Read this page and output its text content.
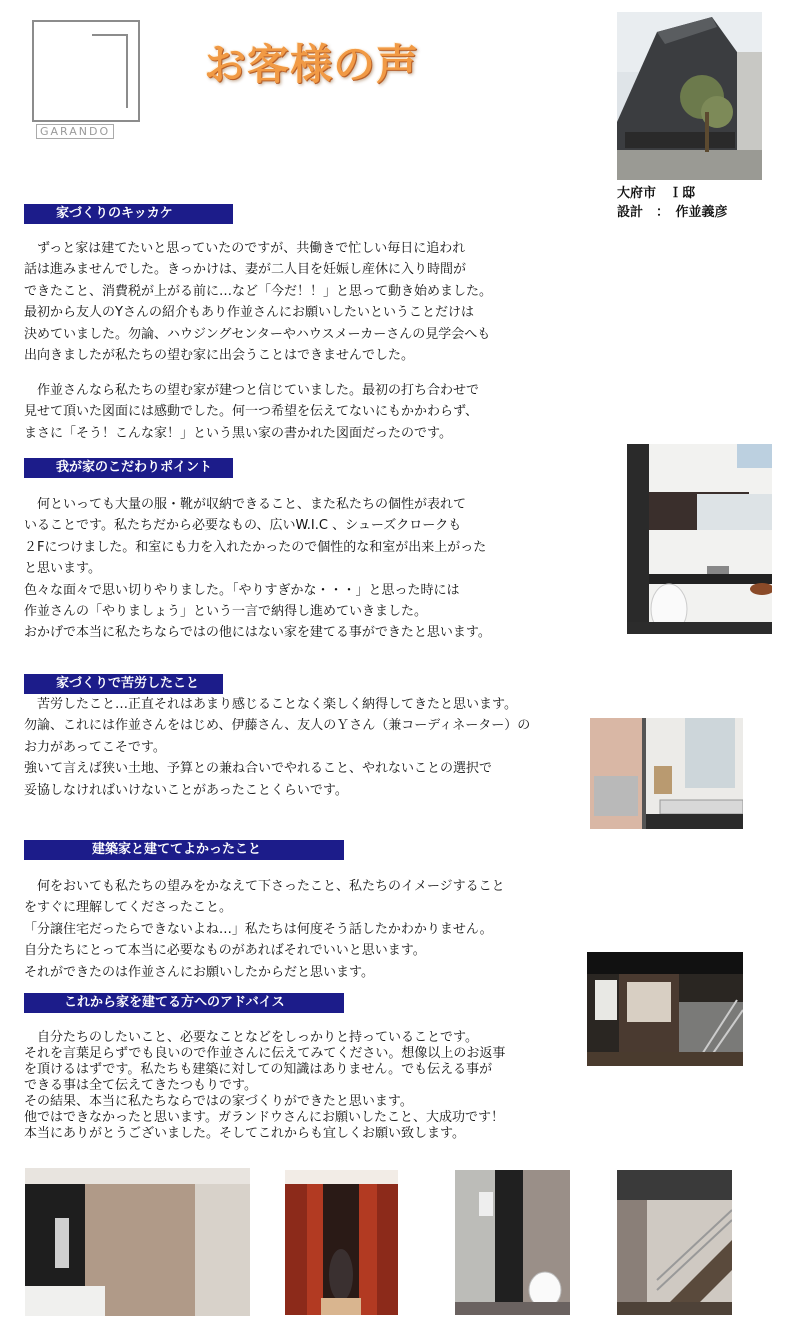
GARANDO
お客様の声
大府市　Ｉ邸
設計　：　作並義彦
家づくりのキッカケ
　ずっと家は建てたいと思っていたのですが、共働きで忙しい毎日に追われ
話は進みませんでした。きっかけは、妻が二人目を妊娠し産休に入り時間が
できたこと、消費税が上がる前に…など「今だ！！」と思って動き始めました。
最初から友人のYさんの紹介もあり作並さんにお願いしたいということだけは
決めていました。勿論、ハウジングセンターやハウスメーカーさんの見学会へも
出向きましたが私たちの望む家に出会うことはできませんでした。
　作並さんなら私たちの望む家が建つと信じていました。最初の打ち合わせで
見せて頂いた図面には感動でした。何一つ希望を伝えてないにもかかわらず、
まさに「そう！こんな家！」という黒い家の書かれた図面だったのです。
我が家のこだわりポイント
　何といっても大量の服・靴が収納できること、また私たちの個性が表れて
いることです。私たちだから必要なもの、広いW.I.C 、シューズクロークも
２Fにつけました。和室にも力を入れたかったので個性的な和室が出来上がった
と思います。
色々な面々で思い切りやりました。「やりすぎかな・・・」と思った時には
作並さんの「やりましょう」という一言で納得し進めていきました。
おかげで本当に私たちならではの他にはない家を建てる事ができたと思います。
家づくりで苦労したこと
　苦労したこと…正直それはあまり感じることなく楽しく納得してきたと思います。
勿論、これには作並さんをはじめ、伊藤さん、友人のＹさん（兼コーディネーター）の
お力があってこそです。
強いて言えば狭い土地、予算との兼ね合いでやれること、やれないことの選択で
妥協しなければいけないことがあったことくらいです。
建築家と建ててよかったこと
　何をおいても私たちの望みをかなえて下さったこと、私たちのイメージすること
をすぐに理解してくださったこと。
「分譲住宅だったらできないよね…」私たちは何度そう話したかわかりません。
自分たちにとって本当に必要なものがあればそれでいいと思います。
それができたのは作並さんにお願いしたからだと思います。
これから家を建てる方へのアドバイス
　自分たちのしたいこと、必要なことなどをしっかりと持っていることです。
それを言葉足らずでも良いので作並さんに伝えてみてください。想像以上のお返事
を頂けるはずです。私たちも建築に対しての知識はありません。でも伝える事が
できる事は全て伝えてきたつもりです。
その結果、本当に私たちならではの家づくりができたと思います。
他ではできなかったと思います。ガランドウさんにお願いしたこと、大成功です！
本当にありがとうございました。そしてこれからも宜しくお願い致します。
